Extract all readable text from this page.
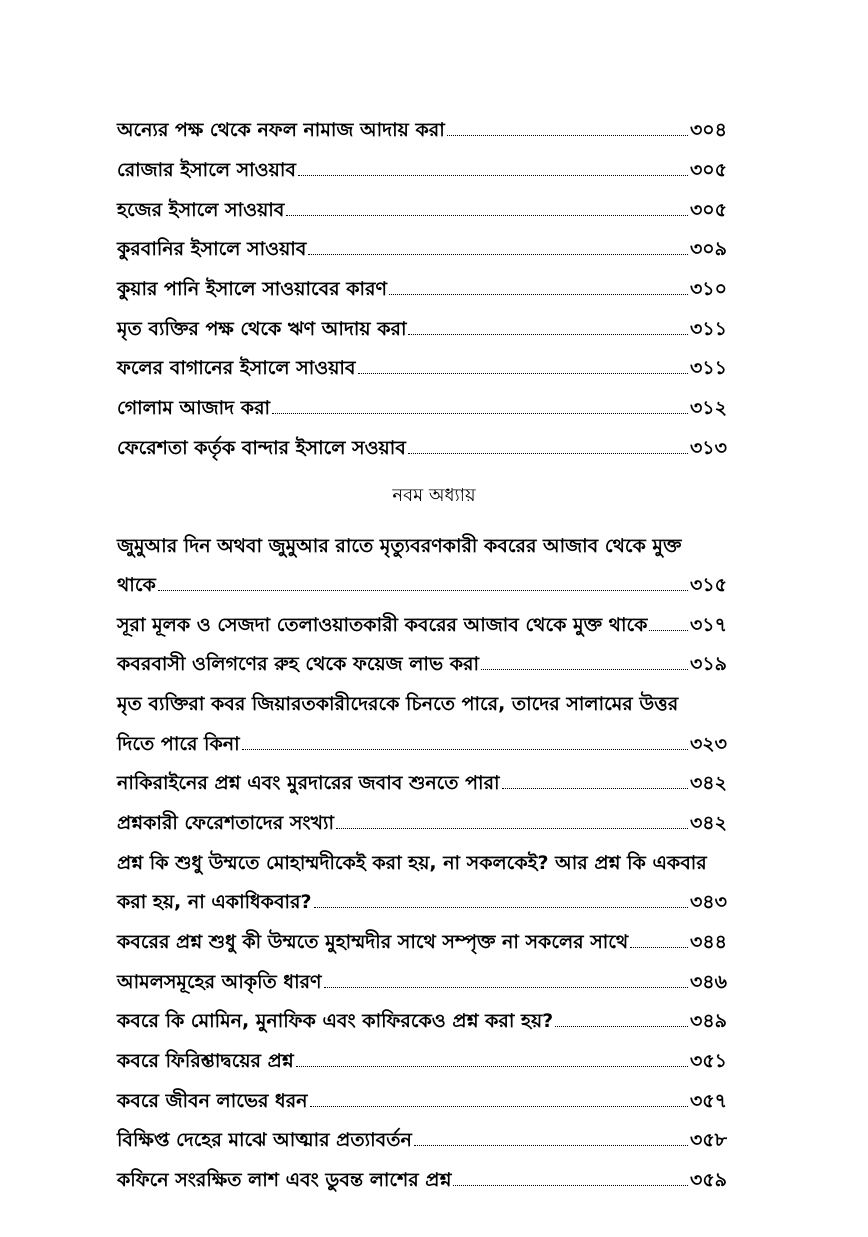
অন্যের পক্ষ থেকে নফল নামাজ আদায় করা	৩০৪
রোজার ইসালে সাওয়াব	৩০৫
হজের ইসালে সাওয়াব	৩০৫
কুরবানির ইসালে সাওয়াব	৩০৯
কুয়ার পানি ইসালে সাওয়াবের কারণ	৩১০
মৃত ব্যক্তির পক্ষ থেকে ঋণ আদায় করা	৩১১
ফলের বাগানের ইসালে সাওয়াব	৩১১
গোলাম আজাদ করা	৩১২
ফেরেশতা কর্তৃক বান্দার ইসালে সওয়াব	৩১৩
নবম অধ্যায়
জুমুআর দিন অথবা জুমুআর রাতে মৃত্যুবরণকারী কবরের আজাব থেকে মুক্ত
থাকে	৩১৫
সূরা মূলক ও সেজদা তেলাওয়াতকারী কবরের আজাব থেকে মুক্ত থাকে ৩১৭
কবরবাসী ওলিগণের রুহ থেকে ফয়েজ লাভ করা	৩১৯
মৃত ব্যক্তিরা কবর জিয়ারতকারীদেরকে চিনতে পারে, তাদের সালামের উত্তর
দিতে পারে কিনা	৩২৩
নাকিরাইনের প্রশ্ন এবং মুরদারের জবাব শুনতে পারা	৩৪২
প্রশ্নকারী ফেরেশতাদের সংখ্যা	৩৪২
প্রশ্ন কি শুধু উম্মতে মোহাম্মদীকেই করা হয়, না সকলকেই? আর প্রশ্ন কি একবার
করা হয়, না একাধিকবার?	৩৪৩
কবরের প্রশ্ন শুধু কী উম্মতে মুহাম্মদীর সাথে সম্পৃক্ত না সকলের সাথে	৩৪৪
আমলসমূহের আকৃতি ধারণ	৩৪৬
কবরে কি মোমিন, মুনাফিক এবং কাফিরকেও প্রশ্ন করা হয়?	৩৪৯
কবরে ফিরিশ্তাদ্বয়ের প্রশ্ন	৩৫১
কবরে জীবন লাভের ধরন	৩৫৭
বিক্ষিপ্ত দেহের মাঝে আত্মার প্রত্যাবর্তন	৩৫৮
কফিনে সংরক্ষিত লাশ এবং ডুবন্ত লাশের প্রশ্ন	৩৫৯
